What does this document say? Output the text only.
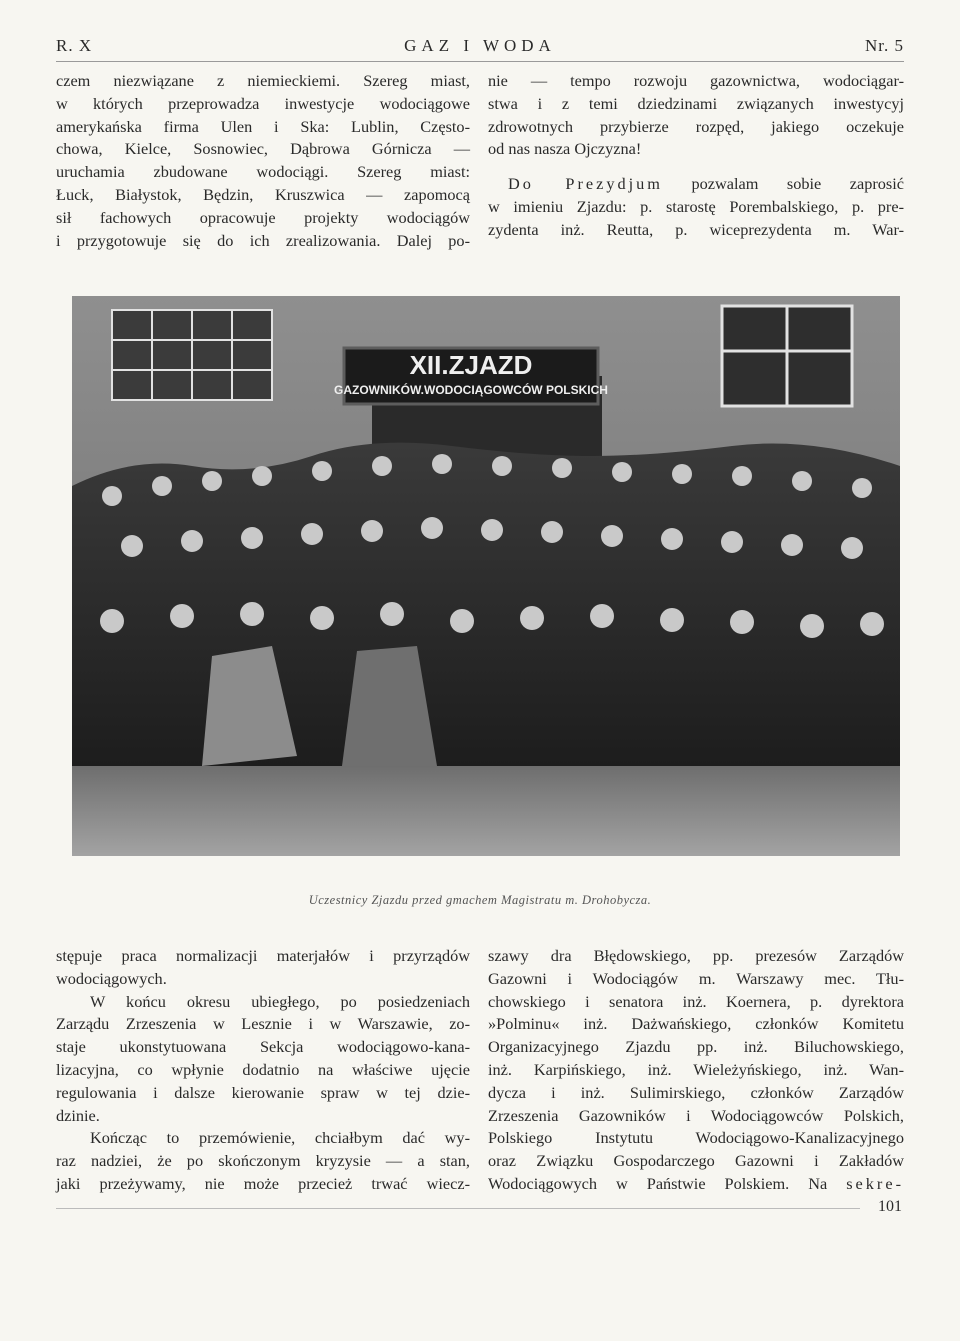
R. X	GAZ I WODA	Nr. 5
czem niezwiązane z niemieckiemi. Szereg miast,
w których przeprowadza inwestycje wodociągowe
amerykańska firma Ulen i Ska: Lublin, Często-
chowa, Kielce, Sosnowiec, Dąbrowa Górnicza —
uruchamia zbudowane wodociągi. Szereg miast:
Łuck, Białystok, Będzin, Kruszwica — zapomocą
sił fachowych opracowuje projekty wodociągów
i przygotowuje się do ich zrealizowania. Dalej po-
nie — tempo rozwoju gazownictwa, wodociągar-
stwa i z temi dziedzinami związanych inwestycyj
zdrowotnych przybierze rozpęd, jakiego oczekuje
od nas nasza Ojczyzna!
Do Prezydjum pozwalam sobie zaprosić
w imieniu Zjazdu: p. starostę Porembalskiego, p. pre-
zydenta inż. Reutta, p. wiceprezydenta m. War-
XII.ZJAZD
GAZOWNIKÓW.WODOCIĄGOWCÓW POLSKICH
Uczestnicy Zjazdu przed gmachem Magistratu m. Drohobycza.
stępuje praca normalizacji materjałów i przyrządów
wodociągowych.
W końcu okresu ubiegłego, po posiedzeniach
Zarządu Zrzeszenia w Lesznie i w Warszawie, zo-
staje ukonstytuowana Sekcja wodociągowo-kana-
lizacyjna, co wpłynie dodatnio na właściwe ujęcie
regulowania i dalsze kierowanie spraw w tej dzie-
dzinie.
Kończąc to przemówienie, chciałbym dać wy-
raz nadziei, że po skończonym kryzysie — a stan,
jaki przeżywamy, nie może przecież trwać wiecz-
szawy dra Błędowskiego, pp. prezesów Zarządów
Gazowni i Wodociągów m. Warszawy mec. Tłu-
chowskiego i senatora inż. Koernera, p. dyrektora
»Polminu« inż. Dażwańskiego, członków Komitetu
Organizacyjnego Zjazdu pp. inż. Biluchowskiego,
inż. Karpińskiego, inż. Wieleżyńskiego, inż. Wan-
dycza i inż. Sulimirskiego, członków Zarządów
Zrzeszenia Gazowników i Wodociągowców Polskich,
Polskiego Instytutu Wodociągowo-Kanalizacyjnego
oraz Związku Gospodarczego Gazowni i Zakładów
Wodociągowych w Państwie Polskiem. Na sekre-
101
